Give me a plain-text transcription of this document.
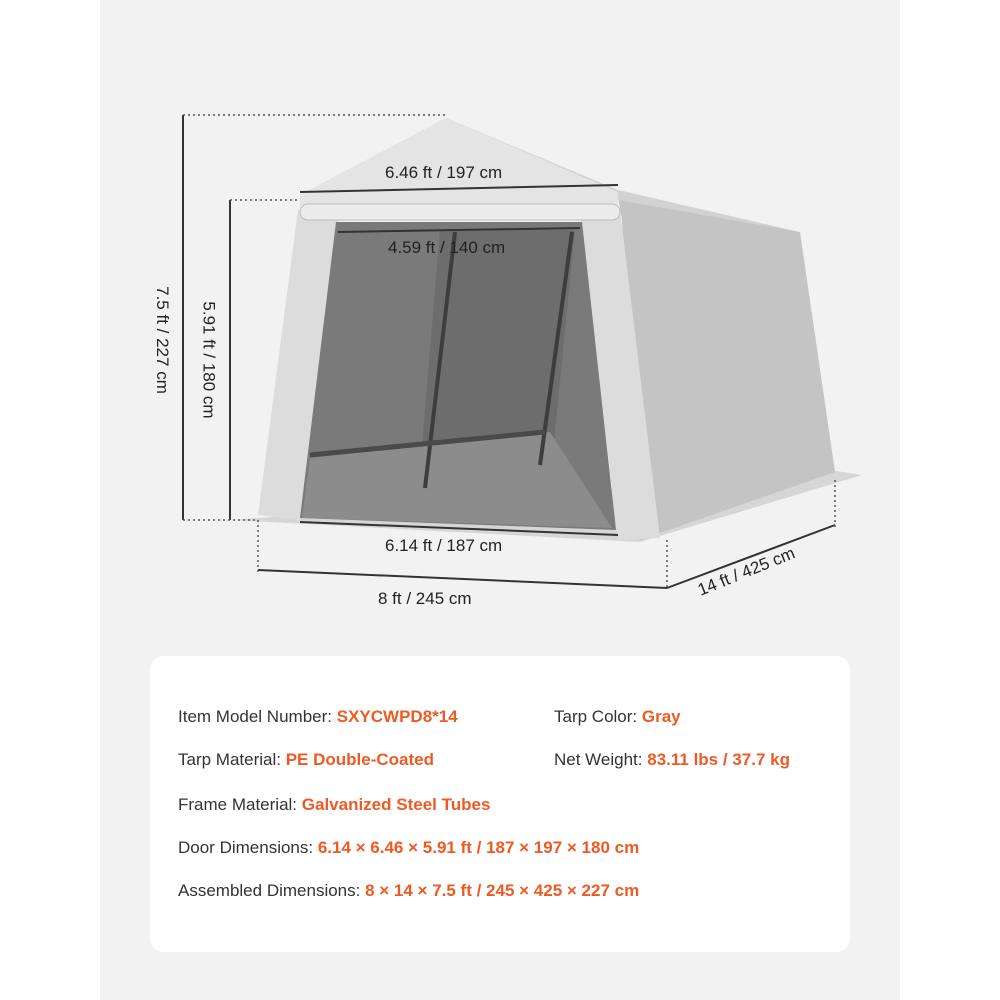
6.46 ft / 197 cm
4.59 ft / 140 cm
7.5 ft / 227 cm 5.91 ft / 180 cm
6.14 ft / 187 cm
8 ft / 245 cm	14 ft / 425 cm
Item Model Number: SXYCWPD8*14	Tarp Color: Gray
Tarp Material: PE Double-Coated	Net Weight: 83.11 lbs / 37.7 kg
Frame Material: Galvanized Steel Tubes
Door Dimensions: 6.14 × 6.46 × 5.91 ft / 187 × 197 × 180 cm
Assembled Dimensions: 8 × 14 × 7.5 ft / 245 × 425 × 227 cm
